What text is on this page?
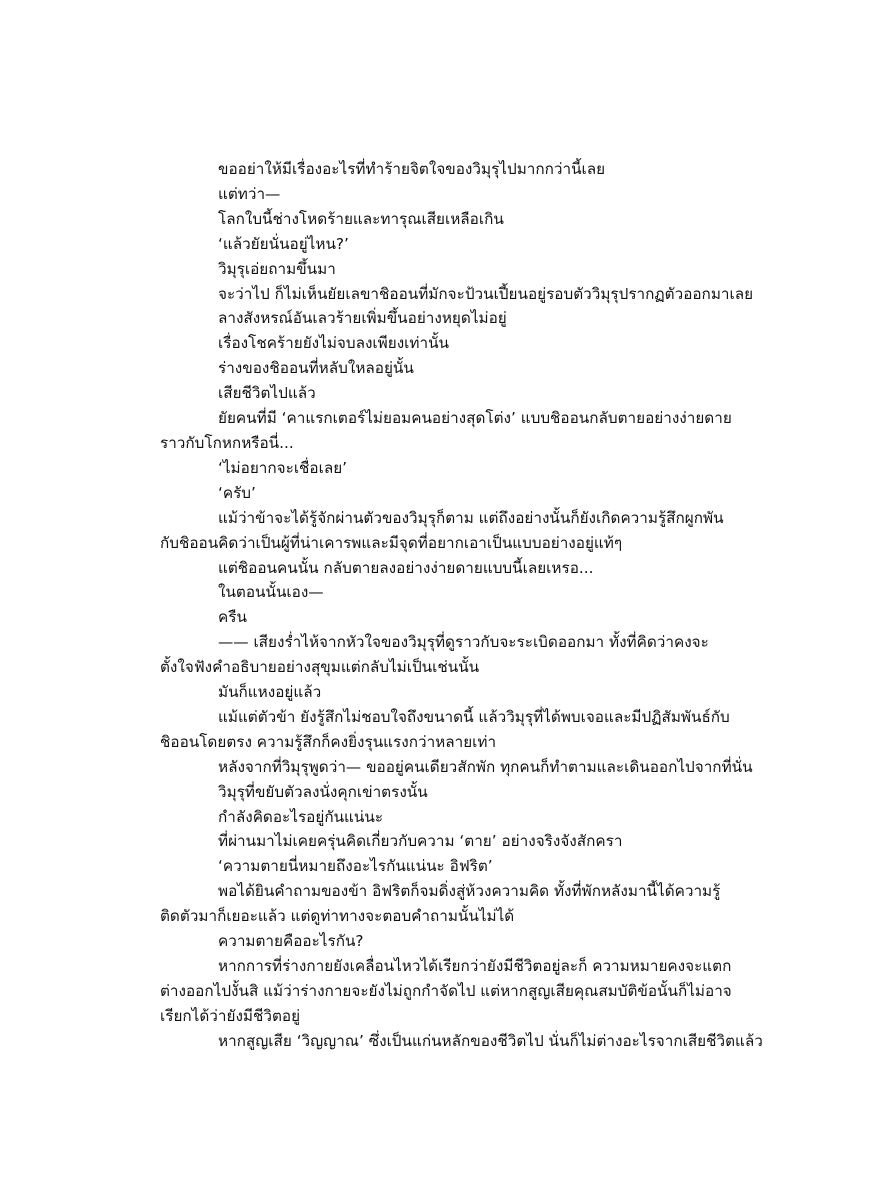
ขออย่าให้มีเรื่องอะไรที่ทำร้ายจิตใจของวิมุรุไปมากกว่านี้เลย

แต่ทว่า—

โลกใบนี้ช่างโหดร้ายและทารุณเสียเหลือเกิน

‘แล้วยัยนั่นอยู่ไหน?’

วิมุรุเอ่ยถามขึ้นมา

จะว่าไป ก็ไม่เห็นยัยเลขาชิออนที่มักจะป้วนเปี้ยนอยู่รอบตัววิมุรุปรากฏตัวออกมาเลย

ลางสังหรณ์อันเลวร้ายเพิ่มขึ้นอย่างหยุดไม่อยู่

เรื่องโชคร้ายยังไม่จบลงเพียงเท่านั้น

ร่างของชิออนที่หลับใหลอยู่นั้น

เสียชีวิตไปแล้ว

ยัยคนที่มี ‘คาแรกเตอร์ไม่ยอมคนอย่างสุดโต่ง’ แบบชิออนกลับตายอย่างง่ายดายราวกับโกหกหรือนี่...

‘ไม่อยากจะเชื่อเลย’

‘ครับ’

แม้ว่าข้าจะได้รู้จักผ่านตัวของวิมุรุก็ตาม แต่ถึงอย่างนั้นก็ยังเกิดความรู้สึกผูกพันกับชิออนคิดว่าเป็นผู้ที่น่าเคารพและมีจุดที่อยากเอาเป็นแบบอย่างอยู่แท้ๆ

แต่ชิออนคนนั้น กลับตายลงอย่างง่ายดายแบบนี้เลยเหรอ...

ในตอนนั้นเอง—

ครืน

—— เสียงร่ำไห้จากหัวใจของวิมุรุที่ดูราวกับจะระเบิดออกมา ทั้งที่คิดว่าคงจะตั้งใจฟังคำอธิบายอย่างสุขุมแต่กลับไม่เป็นเช่นนั้น

มันก็แหงอยู่แล้ว

แม้แต่ตัวข้า ยังรู้สึกไม่ชอบใจถึงขนาดนี้ แล้ววิมุรุที่ได้พบเจอและมีปฏิสัมพันธ์กับชิออนโดยตรง ความรู้สึกก็คงยิ่งรุนแรงกว่าหลายเท่า

หลังจากที่วิมุรุพูดว่า— ขออยู่คนเดียวสักพัก ทุกคนก็ทำตามและเดินออกไปจากที่นั่น

วิมุรุที่ขยับตัวลงนั่งคุกเข่าตรงนั้น

กำลังคิดอะไรอยู่กันแน่นะ

ที่ผ่านมาไม่เคยครุ่นคิดเกี่ยวกับความ ‘ตาย’ อย่างจริงจังสักครา

‘ความตายนี่หมายถึงอะไรกันแน่นะ อิฟริต’

พอได้ยินคำถามของข้า อิฟริตก็จมดิ่งสู่ห้วงความคิด ทั้งที่พักหลังมานี้ได้ความรู้ติดตัวมาก็เยอะแล้ว แต่ดูท่าทางจะตอบคำถามนั้นไม่ได้

ความตายคืออะไรกัน?

หากการที่ร่างกายยังเคลื่อนไหวได้เรียกว่ายังมีชีวิตอยู่ละก็ ความหมายคงจะแตกต่างออกไปงั้นสิ แม้ว่าร่างกายจะยังไม่ถูกกำจัดไป แต่หากสูญเสียคุณสมบัติข้อนั้นก็ไม่อาจเรียกได้ว่ายังมีชีวิตอยู่

หากสูญเสีย ‘วิญญาณ’ ซึ่งเป็นแก่นหลักของชีวิตไป นั่นก็ไม่ต่างอะไรจากเสียชีวิตแล้ว
